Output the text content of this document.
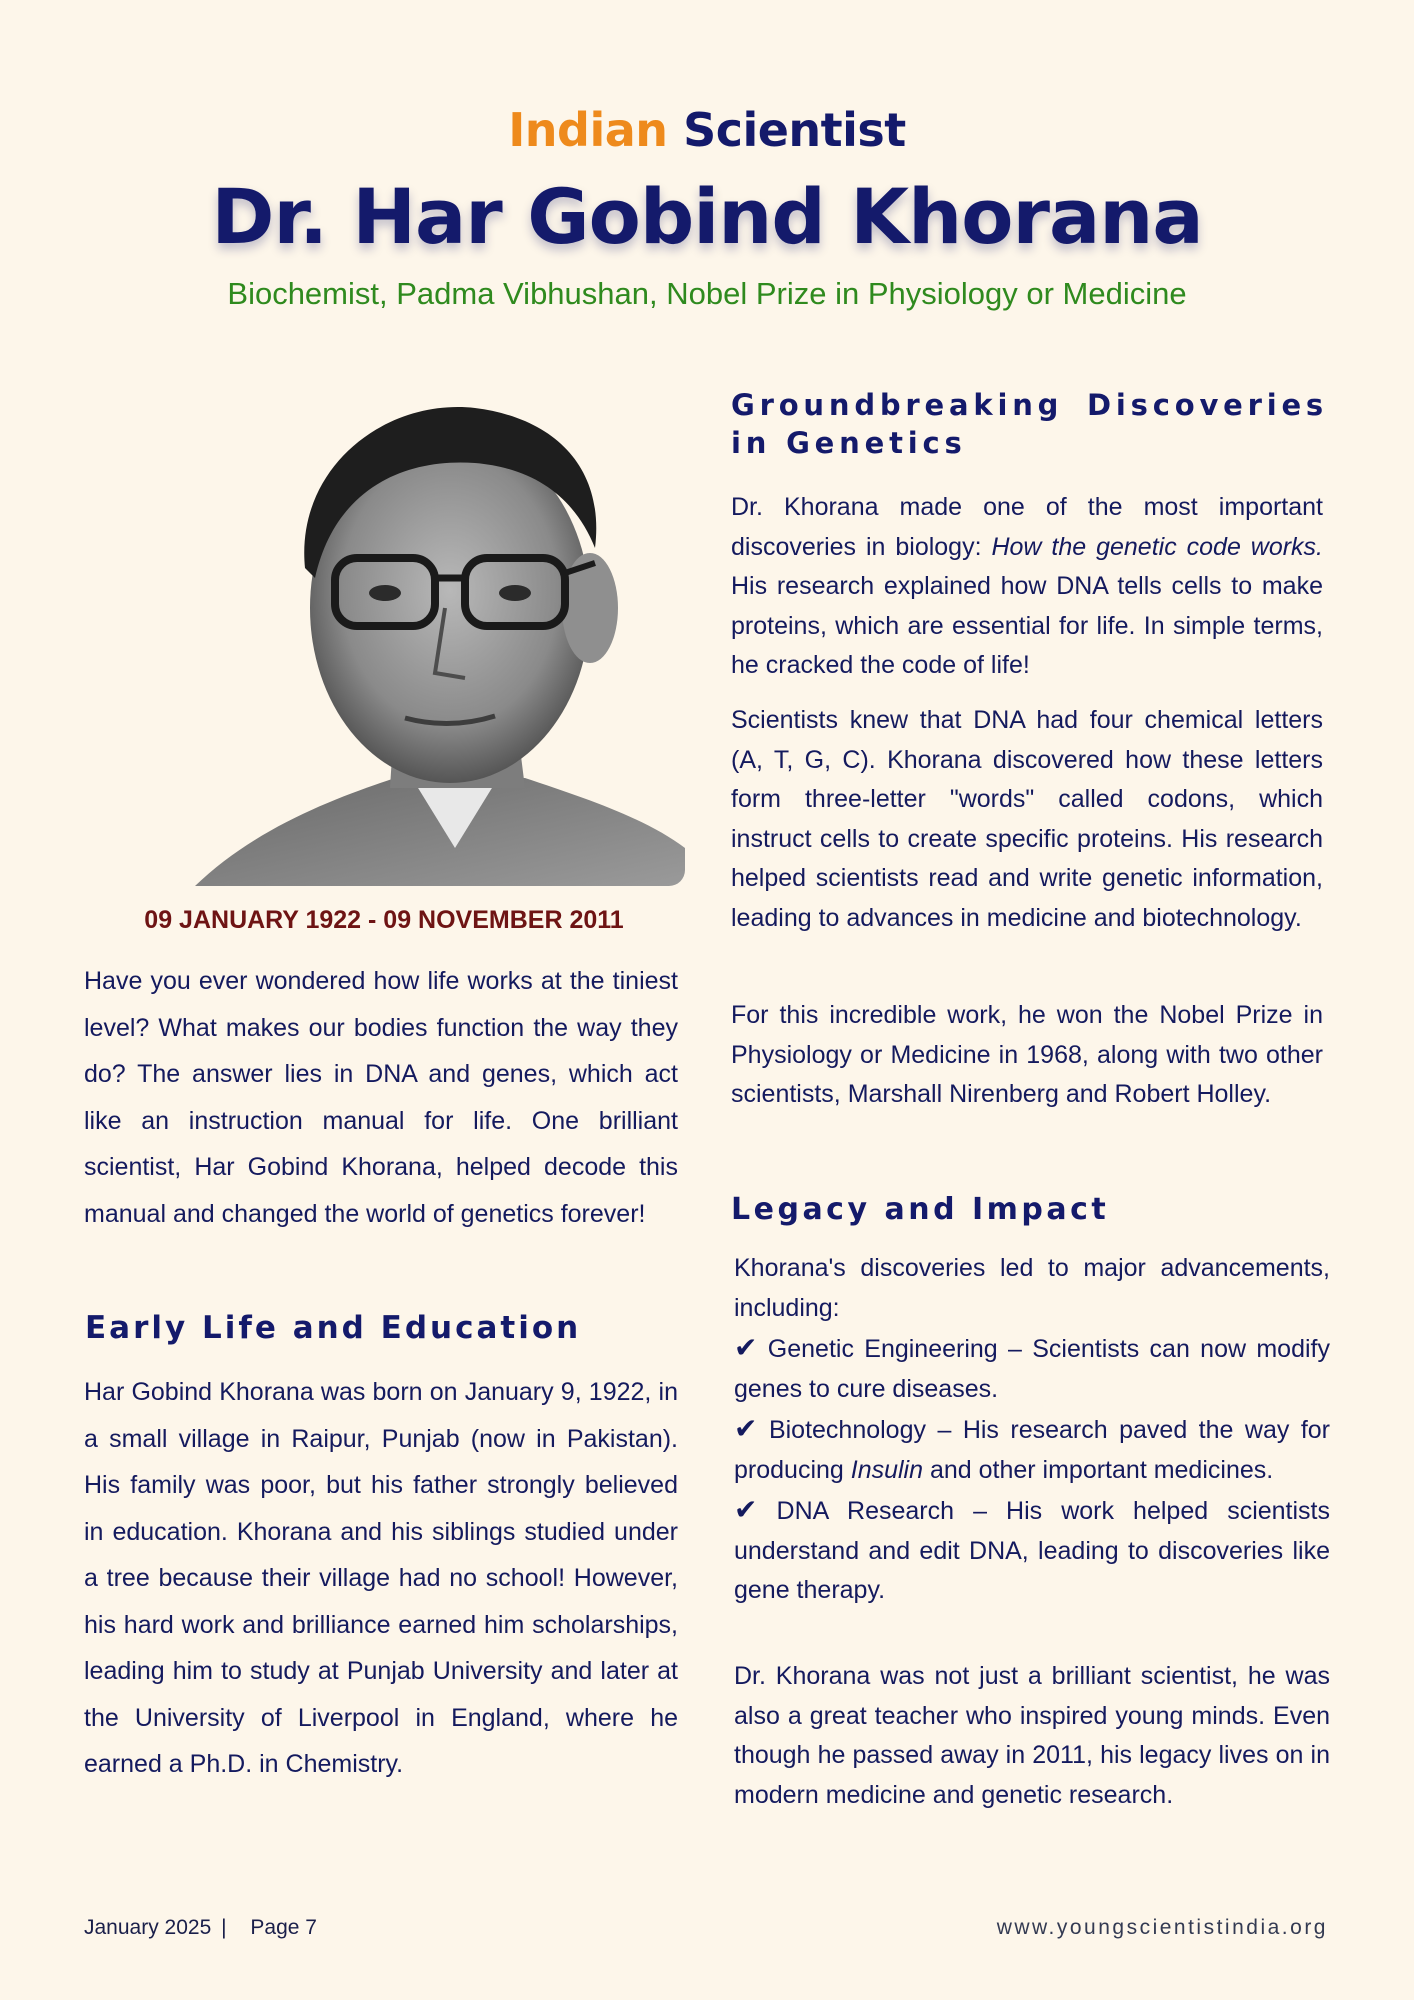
Indian Scientist
Dr. Har Gobind Khorana
Biochemist, Padma Vibhushan, Nobel Prize in Physiology or Medicine
09 JANUARY 1922 - 09 NOVEMBER 2011

Have you ever wondered how life works at the tiniest level? What makes our bodies function the way they do? The answer lies in DNA and genes, which act like an instruction manual for life. One brilliant scientist, Har Gobind Khorana, helped decode this manual and changed the world of genetics forever!

Early Life and Education

Har Gobind Khorana was born on January 9, 1922, in a small village in Raipur, Punjab (now in Pakistan). His family was poor, but his father strongly believed in education. Khorana and his siblings studied under a tree because their village had no school! However, his hard work and brilliance earned him scholarships, leading him to study at Punjab University and later at the University of Liverpool in England, where he earned a Ph.D. in Chemistry.

Groundbreaking Discoveries in Genetics

Dr. Khorana made one of the most important discoveries in biology: How the genetic code works. His research explained how DNA tells cells to make proteins, which are essential for life. In simple terms, he cracked the code of life!

Scientists knew that DNA had four chemical letters (A, T, G, C). Khorana discovered how these letters form three-letter "words" called codons, which instruct cells to create specific proteins. His research helped scientists read and write genetic information, leading to advances in medicine and biotechnology.

For this incredible work, he won the Nobel Prize in Physiology or Medicine in 1968, along with two other scientists, Marshall Nirenberg and Robert Holley.

Legacy and Impact

Khorana's discoveries led to major advancements, including:

✔ Genetic Engineering – Scientists can now modify genes to cure diseases.

✔ Biotechnology – His research paved the way for producing Insulin and other important medicines.

✔ DNA Research – His work helped scientists understand and edit DNA, leading to discoveries like gene therapy.

Dr. Khorana was not just a brilliant scientist, he was also a great teacher who inspired young minds. Even though he passed away in 2011, his legacy lives on in modern medicine and genetic research.

January 2025 | Page 7	www.youngscientistindia.org
